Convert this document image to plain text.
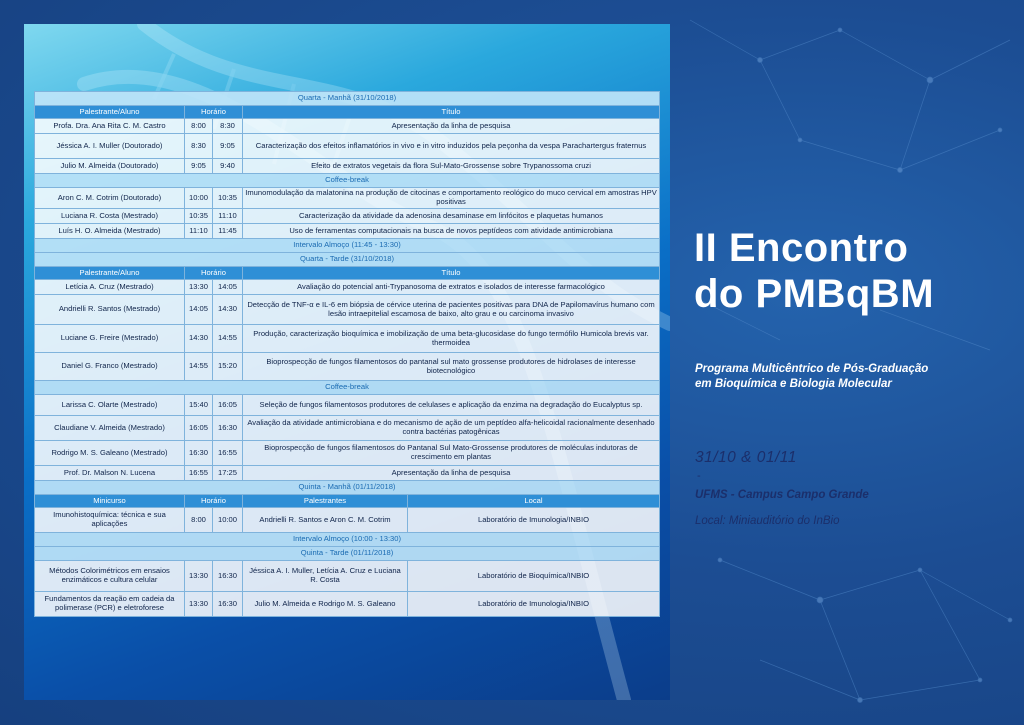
Quarta - Manhã (31/10/2018)				
Palestrante/Aluno	Horário		Título	
Profa. Dra. Ana Rita C. M. Castro	8:00	8:30	Apresentação da linha de pesquisa	
Jéssica A. I. Muller (Doutorado)	8:30	9:05	Caracterização dos efeitos inflamatórios in vivo e in vitro induzidos pela peçonha da vespa Parachartergus fraternus	
Julio M. Almeida (Doutorado)	9:05	9:40	Efeito de extratos vegetais da flora Sul-Mato-Grossense sobre Trypanossoma cruzi	
Coffee-break				
Aron C. M. Cotrim (Doutorado)	10:00	10:35	Imunomodulação da malatonina na produção de citocinas e comportamento reológico do muco cervical em amostras HPV positivas	
Luciana R. Costa (Mestrado)	10:35	11:10	Caracterização da atividade da adenosina desaminase em linfócitos e plaquetas humanos	
Luís H. O. Almeida (Mestrado)	11:10	11:45	Uso de ferramentas computacionais na busca de novos peptídeos com atividade antimicrobiana	
Intervalo Almoço (11:45 - 13:30)				
Quarta - Tarde (31/10/2018)				
Palestrante/Aluno	Horário		Título	
Letícia A. Cruz (Mestrado)	13:30	14:05	Avaliação do potencial anti-Trypanosoma de extratos e isolados de interesse farmacológico	
Andrielli R. Santos (Mestrado)	14:05	14:30	Detecção de TNF-α e IL-6 em biópsia de cérvice uterina de pacientes positivas para DNA de Papilomavírus humano com lesão intraepitelial escamosa de baixo, alto grau e ou carcinoma invasivo	
Luciane G. Freire (Mestrado)	14:30	14:55	Produção, caracterização bioquímica e imobilização de uma beta-glucosidase do fungo termófilo Humicola brevis var. thermoidea	
Daniel G. Franco (Mestrado)	14:55	15:20	Bioprospecção de fungos filamentosos do pantanal sul mato grossense produtores de hidrolases de interesse biotecnológico	
Coffee-break				
Larissa C. Olarte (Mestrado)	15:40	16:05	Seleção de fungos filamentosos produtores de celulases e aplicação da enzima na degradação do Eucalyptus sp.	
Claudiane V. Almeida (Mestrado)	16:05	16:30	Avaliação da atividade antimicrobiana e do mecanismo de ação de um peptídeo alfa-helicoidal racionalmente desenhado contra bactérias patogênicas	
Rodrigo M. S. Galeano (Mestrado)	16:30	16:55	Bioprospecção de fungos filamentosos do Pantanal Sul Mato-Grossense produtores de moléculas indutoras de crescimento em plantas	
Prof. Dr. Malson N. Lucena	16:55	17:25	Apresentação da linha de pesquisa	
Quinta - Manhã (01/11/2018)				
Minicurso	Horário		Palestrantes	Local
Imunohistoquímica: técnica e sua aplicações	8:00	10:00	Andrielli R. Santos e Aron C. M. Cotrim	Laboratório de Imunologia/INBIO
Intervalo Almoço (10:00 - 13:30)				
Quinta - Tarde (01/11/2018)				
Métodos Colorimétricos em ensaios enzimáticos e cultura celular	13:30	16:30	Jéssica A. I. Muller, Letícia A. Cruz e Luciana R. Costa	Laboratório de Bioquímica/INBIO
Fundamentos da reação em cadeia da polimerase (PCR) e eletroforese	13:30	16:30	Julio M. Almeida e Rodrigo M. S. Galeano	Laboratório de Imunologia/INBIO
II Encontro
do PMBqBM
Programa Multicêntrico de Pós-Graduação
em Bioquímica e Biologia Molecular
31/10 & 01/11
-
UFMS - Campus Campo Grande
Local: Miniauditório do InBio
